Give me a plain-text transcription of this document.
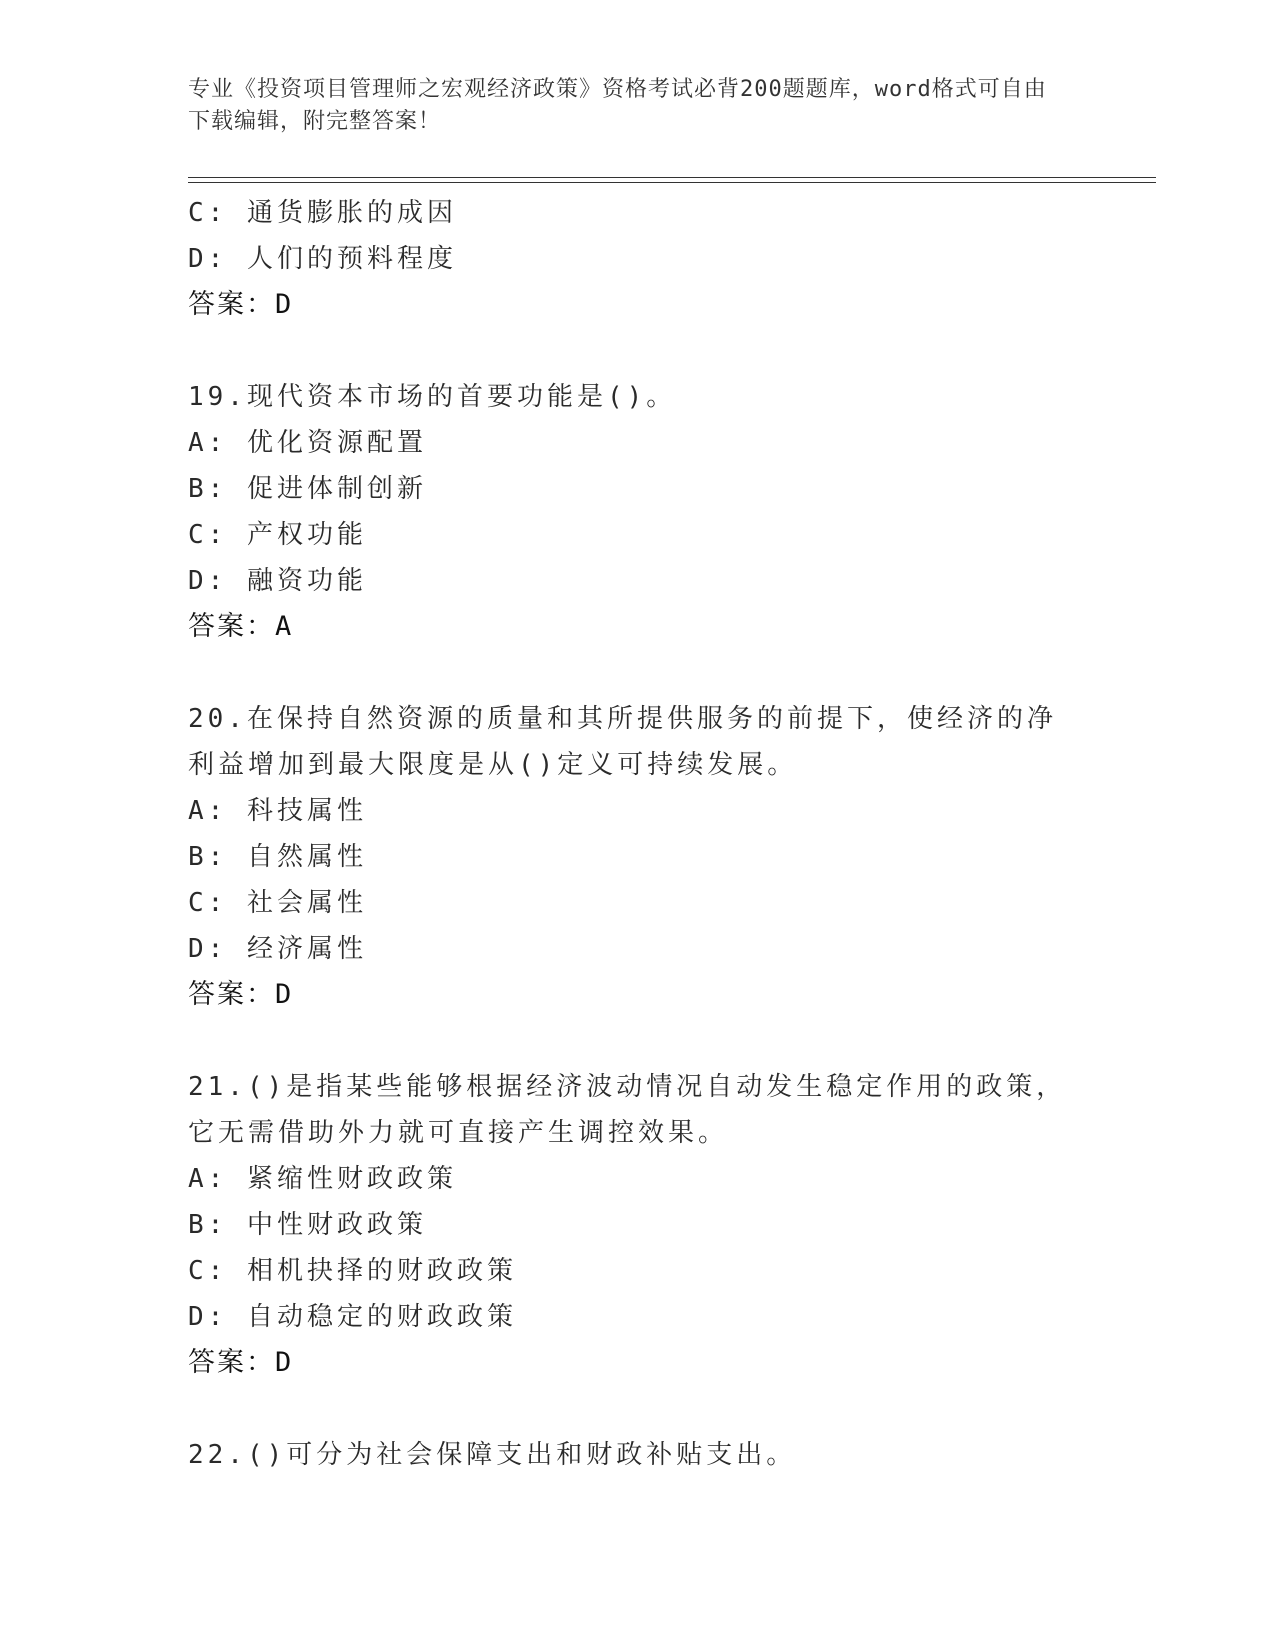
专业《投资项目管理师之宏观经济政策》资格考试必背200题题库，word格式可自由下载编辑，附完整答案！
C: 通货膨胀的成因
D: 人们的预料程度
答案：D
19.现代资本市场的首要功能是()。
A: 优化资源配置
B: 促进体制创新
C: 产权功能
D: 融资功能
答案：A
20.在保持自然资源的质量和其所提供服务的前提下，使经济的净利益增加到最大限度是从()定义可持续发展。
A: 科技属性
B: 自然属性
C: 社会属性
D: 经济属性
答案：D
21.()是指某些能够根据经济波动情况自动发生稳定作用的政策，它无需借助外力就可直接产生调控效果。
A: 紧缩性财政政策
B: 中性财政政策
C: 相机抉择的财政政策
D: 自动稳定的财政政策
答案：D
22.()可分为社会保障支出和财政补贴支出。
